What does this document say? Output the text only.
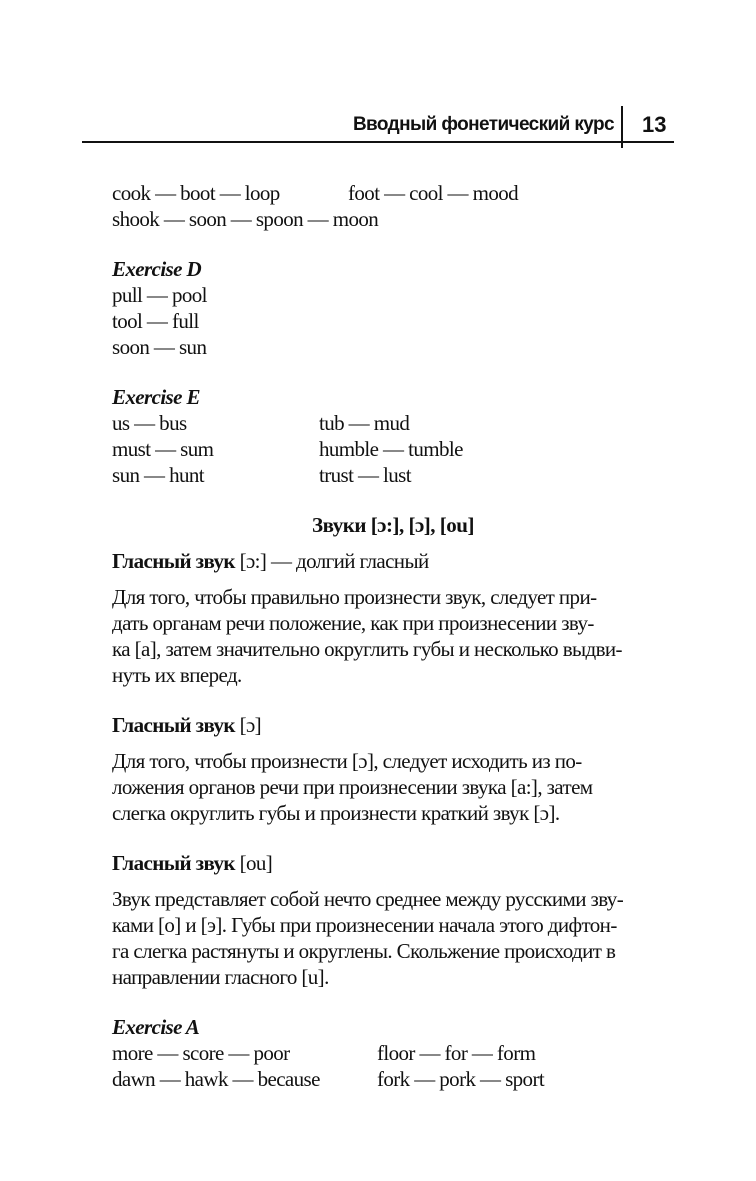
Вводный фонетический курс 13
cook — boot — loop	foot — cool — mood
shook — soon — spoon — moon
Exercise D
pull — pool
tool — full
soon — sun
Exercise E
us — bus	tub — mud
must — sum	humble — tumble
sun — hunt	trust — lust
Звуки [ɔ:], [ɔ], [ou]
Гласный звук [ɔ:] — долгий гласный
Для того, чтобы правильно произнести звук, следует при-
дать органам речи положение, как при произнесении зву-
ка [a], затем значительно округлить губы и несколько выдви-
нуть их вперед.
Гласный звук [ɔ]
Для того, чтобы произнести [ɔ], следует исходить из по-
ложения органов речи при произнесении звука [a:], затем
слегка округлить губы и произнести краткий звук [ɔ].
Гласный звук [ou]
Звук представляет собой нечто среднее между русскими зву-
ками [о] и [э]. Губы при произнесении начала этого дифтон-
га слегка растянуты и округлены. Скольжение происходит в
направлении гласного [u].
Exercise A
more — score — poor	floor — for — form
dawn — hawk — because	fork — pork — sport
